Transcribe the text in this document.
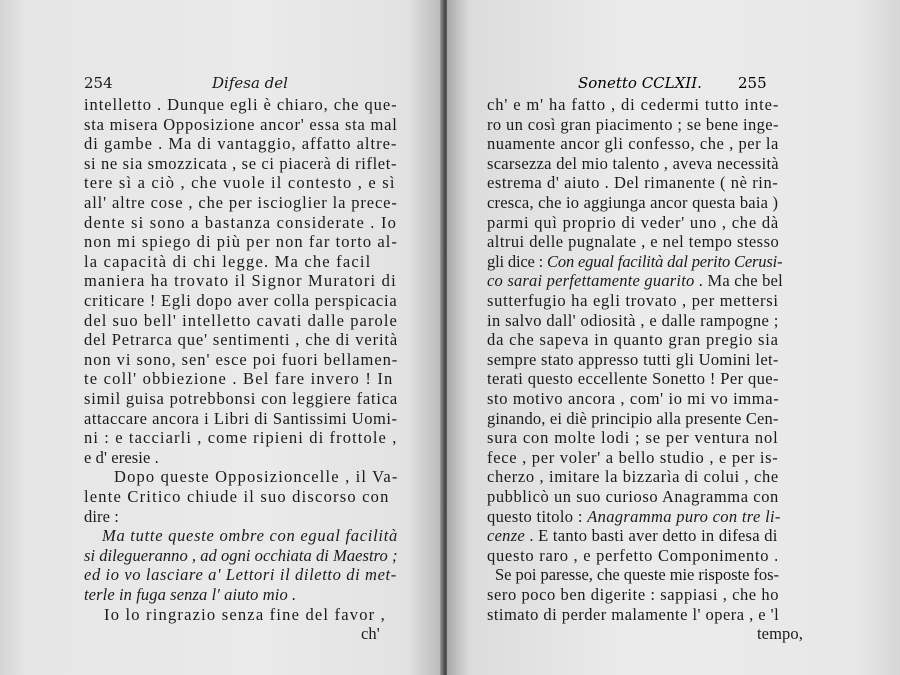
254	Difesa del
intelletto . Dunque egli è chiaro, che que-
sta misera Opposizione ancor' essa sta mal
di gambe . Ma di vantaggio, affatto altre-
si ne sia smozzicata , se ci piacerà di riflet-
tere sì a ciò , che vuole il contesto , e sì
all' altre cose , che per iscioglier la prece-
dente si sono a bastanza considerate . Io
non mi spiego di più per non far torto al-
la capacità di chi legge. Ma che facil
maniera ha trovato il Signor Muratori di
criticare ! Egli dopo aver colla perspicacia
del suo bell' intelletto cavati dalle parole
del Petrarca que' sentimenti , che di verità
non vi sono, sen' esce poi fuori bellamen-
te coll' obbiezione . Bel fare invero ! In
simil guisa potrebbonsi con leggiere fatica
attaccare ancora i Libri di Santissimi Uomi-
ni : e tacciarli , come ripieni di frottole ,
e d' eresie .
Dopo queste Opposizioncelle , il Va-
lente Critico chiude il suo discorso con
dire :
Ma tutte queste ombre con egual facilità
si dilegueranno , ad ogni occhiata di Maestro ;
ed io vo lasciare a' Lettori il diletto di met-
terle in fuga senza l' aiuto mio .
Io lo ringrazio senza fine del favor ,
ch'
Sonetto CCLXII. 255
ch' e m' ha fatto , di cedermi tutto inte-
ro un così gran piacimento ; se bene inge-
nuamente ancor gli confesso, che , per la
scarsezza del mio talento , aveva necessità
estrema d' aiuto . Del rimanente ( nè rin-
cresca, che io aggiunga ancor questa baia )
parmi quì proprio di veder' uno , che dà
altrui delle pugnalate , e nel tempo stesso
gli dice : Con egual facilità dal perito Cerusi-
co sarai perfettamente guarito . Ma che bel
sutterfugio ha egli trovato , per mettersi
in salvo dall' odiosità , e dalle rampogne ;
da che sapeva in quanto gran pregio sia
sempre stato appresso tutti gli Uomini let-
terati questo eccellente Sonetto ! Per que-
sto motivo ancora , com' io mi vo imma-
ginando, ei diè principio alla presente Cen-
sura con molte lodi ; se per ventura nol
fece , per voler' a bello studio , e per is-
cherzo , imitare la bizzarìa di colui , che
pubblicò un suo curioso Anagramma con
questo titolo : Anagramma puro con tre li-
cenze . E tanto basti aver detto in difesa di
questo raro , e perfetto Componimento .
Se poi paresse, che queste mie risposte fos-
sero poco ben digerite : sappiasi , che ho
stimato di perder malamente l' opera , e 'l
tempo,
